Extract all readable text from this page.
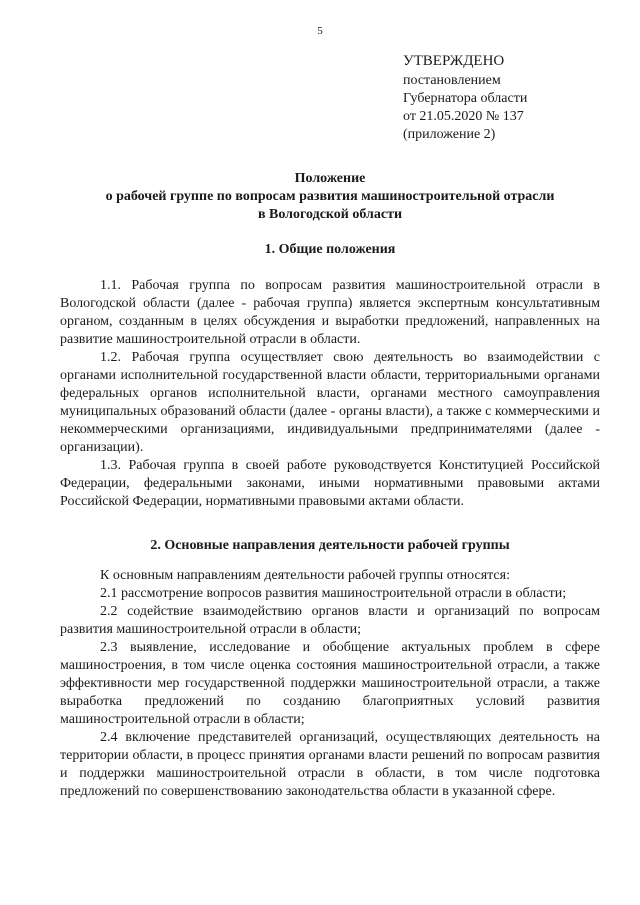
5
УТВЕРЖДЕНО
постановлением
Губернатора области
от 21.05.2020 № 137
(приложение 2)
Положение
о рабочей группе по вопросам развития машиностроительной отрасли
в Вологодской области
1. Общие положения

1.1. Рабочая группа по вопросам развития машиностроительной отрасли в Вологодской области (далее - рабочая группа) является экспертным консультативным органом, созданным в целях обсуждения и выработки предложений, направленных на развитие машиностроительной отрасли в области.

1.2. Рабочая группа осуществляет свою деятельность во взаимодействии с органами исполнительной государственной власти области, территориальными органами федеральных органов исполнительной власти, органами местного самоуправления муниципальных образований области (далее - органы власти), а также с коммерческими и некоммерческими организациями, индивидуальными предпринимателями (далее - организации).

1.3. Рабочая группа в своей работе руководствуется Конституцией Российской Федерации, федеральными законами, иными нормативными правовыми актами Российской Федерации, нормативными правовыми актами области.

2. Основные направления деятельности рабочей группы

К основным направлениям деятельности рабочей группы относятся:

2.1 рассмотрение вопросов развития машиностроительной отрасли в области;

2.2 содействие взаимодействию органов власти и организаций по вопросам развития машиностроительной отрасли в области;

2.3 выявление, исследование и обобщение актуальных проблем в сфере машиностроения, в том числе оценка состояния машиностроительной отрасли, а также эффективности мер государственной поддержки машиностроительной отрасли, а также выработка предложений по созданию благоприятных условий развития машиностроительной отрасли в области;

2.4 включение представителей организаций, осуществляющих деятельность на территории области, в процесс принятия органами власти решений по вопросам развития и поддержки машиностроительной отрасли в области, в том числе подготовка предложений по совершенствованию законодательства области в указанной сфере.
